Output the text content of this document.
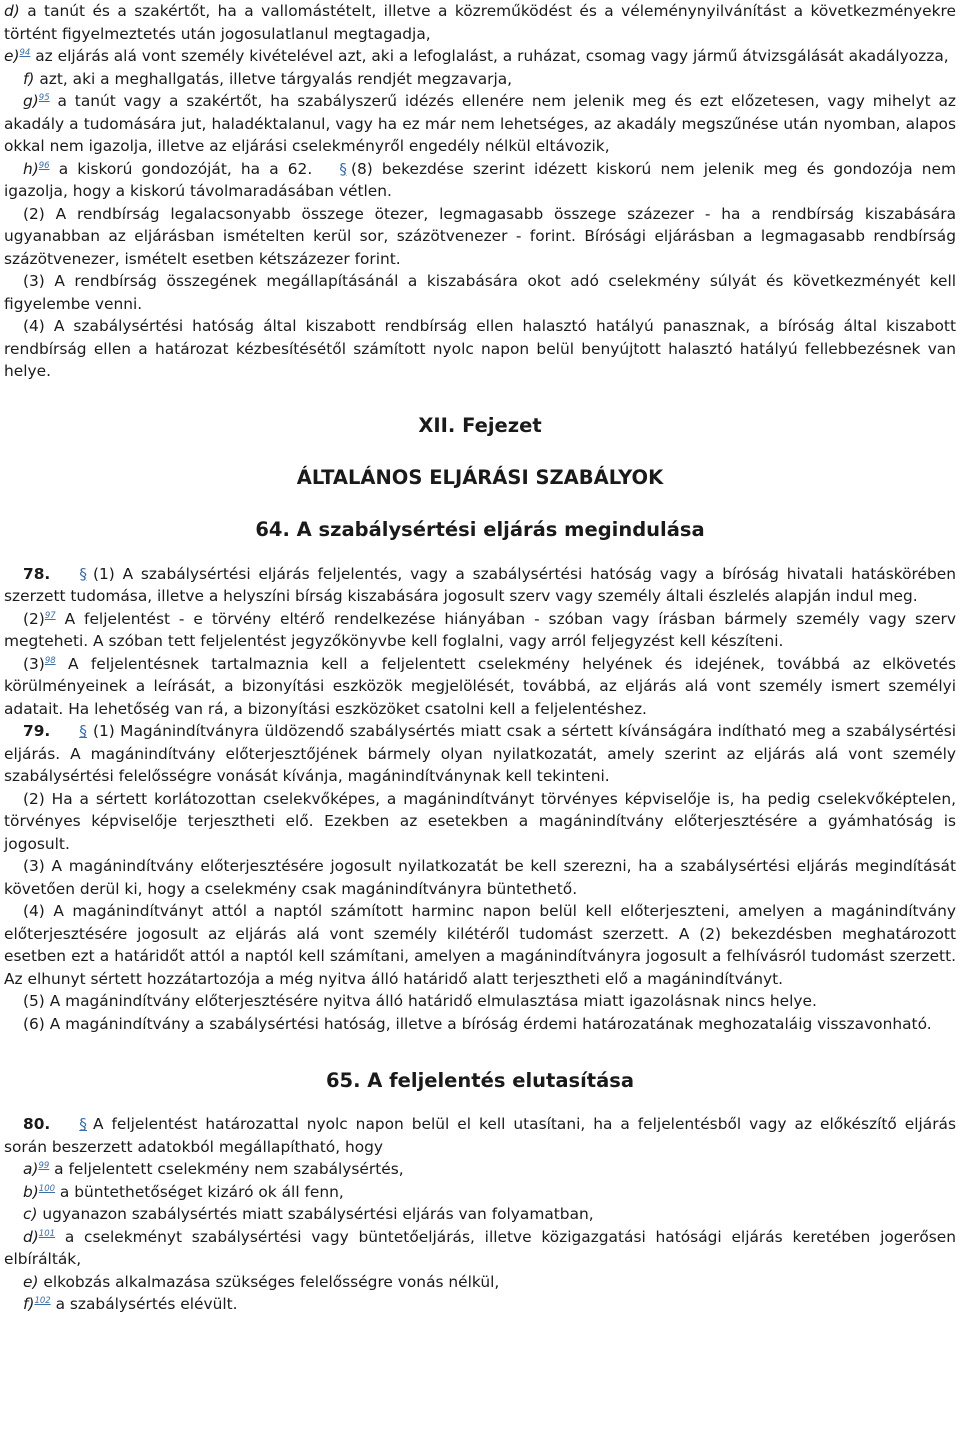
d) a tanút és a szakértőt, ha a vallomástételt, illetve a közreműködést és a véleménynyilvánítást a következményekre történt figyelmeztetés után jogosulatlanul megtagadja,

e)$^{94}$ az eljárás alá vont személy kivételével azt, aki a lefoglalást, a ruházat, csomag vagy jármű átvizsgálását akadályozza,

f) azt, aki a meghallgatás, illetve tárgyalás rendjét megzavarja,

g)$^{95}$ a tanút vagy a szakértőt, ha szabályszerű idézés ellenére nem jelenik meg és ezt előzetesen, vagy mihelyt az akadály a tudomására jut, haladéktalanul, vagy ha ez már nem lehetséges, az akadály megszűnése után nyomban, alapos okkal nem igazolja, illetve az eljárási cselekményről engedély nélkül eltávozik,

h)$^{96}$ a kiskorú gondozóját, ha a 62. § (8) bekezdése szerint idézett kiskorú nem jelenik meg és gondozója nem igazolja, hogy a kiskorú távolmaradásában vétlen.

(2) A rendbírság legalacsonyabb összege ötezer, legmagasabb összege százezer - ha a rendbírság kiszabására ugyanabban az eljárásban ismételten kerül sor, százötvenezer - forint. Bírósági eljárásban a legmagasabb rendbírság százötvenezer, ismételt esetben kétszázezer forint.

(3) A rendbírság összegének megállapításánál a kiszabására okot adó cselekmény súlyát és következményét kell figyelembe venni.

(4) A szabálysértési hatóság által kiszabott rendbírság ellen halasztó hatályú panasznak, a bíróság által kiszabott rendbírság ellen a határozat kézbesítésétől számított nyolc napon belül benyújtott halasztó hatályú fellebbezésnek van helye.

XII. Fejezet
ÁLTALÁNOS ELJÁRÁSI SZABÁLYOK
64. A szabálysértési eljárás megindulása

78. § (1) A szabálysértési eljárás feljelentés, vagy a szabálysértési hatóság vagy a bíróság hivatali hatáskörében szerzett tudomása, illetve a helyszíni bírság kiszabására jogosult szerv vagy személy általi észlelés alapján indul meg.

(2)$^{97}$ A feljelentést - e törvény eltérő rendelkezése hiányában - szóban vagy írásban bármely személy vagy szerv megteheti. A szóban tett feljelentést jegyzőkönyvbe kell foglalni, vagy arról feljegyzést kell készíteni.

(3)$^{98}$ A feljelentésnek tartalmaznia kell a feljelentett cselekmény helyének és idejének, továbbá az elkövetés körülményeinek a leírását, a bizonyítási eszközök megjelölését, továbbá, az eljárás alá vont személy ismert személyi adatait. Ha lehetőség van rá, a bizonyítási eszközöket csatolni kell a feljelentéshez.

79. § (1) Magánindítványra üldözendő szabálysértés miatt csak a sértett kívánságára indítható meg a szabálysértési eljárás. A magánindítvány előterjesztőjének bármely olyan nyilatkozatát, amely szerint az eljárás alá vont személy szabálysértési felelősségre vonását kívánja, magánindítványnak kell tekinteni.

(2) Ha a sértett korlátozottan cselekvőképes, a magánindítványt törvényes képviselője is, ha pedig cselekvőképtelen, törvényes képviselője terjesztheti elő. Ezekben az esetekben a magánindítvány előterjesztésére a gyámhatóság is jogosult.

(3) A magánindítvány előterjesztésére jogosult nyilatkozatát be kell szerezni, ha a szabálysértési eljárás megindítását követően derül ki, hogy a cselekmény csak magánindítványra büntethető.

(4) A magánindítványt attól a naptól számított harminc napon belül kell előterjeszteni, amelyen a magánindítvány előterjesztésére jogosult az eljárás alá vont személy kilétéről tudomást szerzett. A (2) bekezdésben meghatározott esetben ezt a határidőt attól a naptól kell számítani, amelyen a magánindítványra jogosult a felhívásról tudomást szerzett. Az elhunyt sértett hozzátartozója a még nyitva álló határidő alatt terjesztheti elő a magánindítványt.

(5) A magánindítvány előterjesztésére nyitva álló határidő elmulasztása miatt igazolásnak nincs helye.

(6) A magánindítvány a szabálysértési hatóság, illetve a bíróság érdemi határozatának meghozataláig visszavonható.

65. A feljelentés elutasítása

80. § A feljelentést határozattal nyolc napon belül el kell utasítani, ha a feljelentésből vagy az előkészítő eljárás során beszerzett adatokból megállapítható, hogy

a)$^{99}$ a feljelentett cselekmény nem szabálysértés,

b)$^{100}$ a büntethetőséget kizáró ok áll fenn,

c) ugyanazon szabálysértés miatt szabálysértési eljárás van folyamatban,

d)$^{101}$ a cselekményt szabálysértési vagy büntetőeljárás, illetve közigazgatási hatósági eljárás keretében jogerősen elbírálták,

e) elkobzás alkalmazása szükséges felelősségre vonás nélkül,

f)$^{102}$ a szabálysértés elévült.
